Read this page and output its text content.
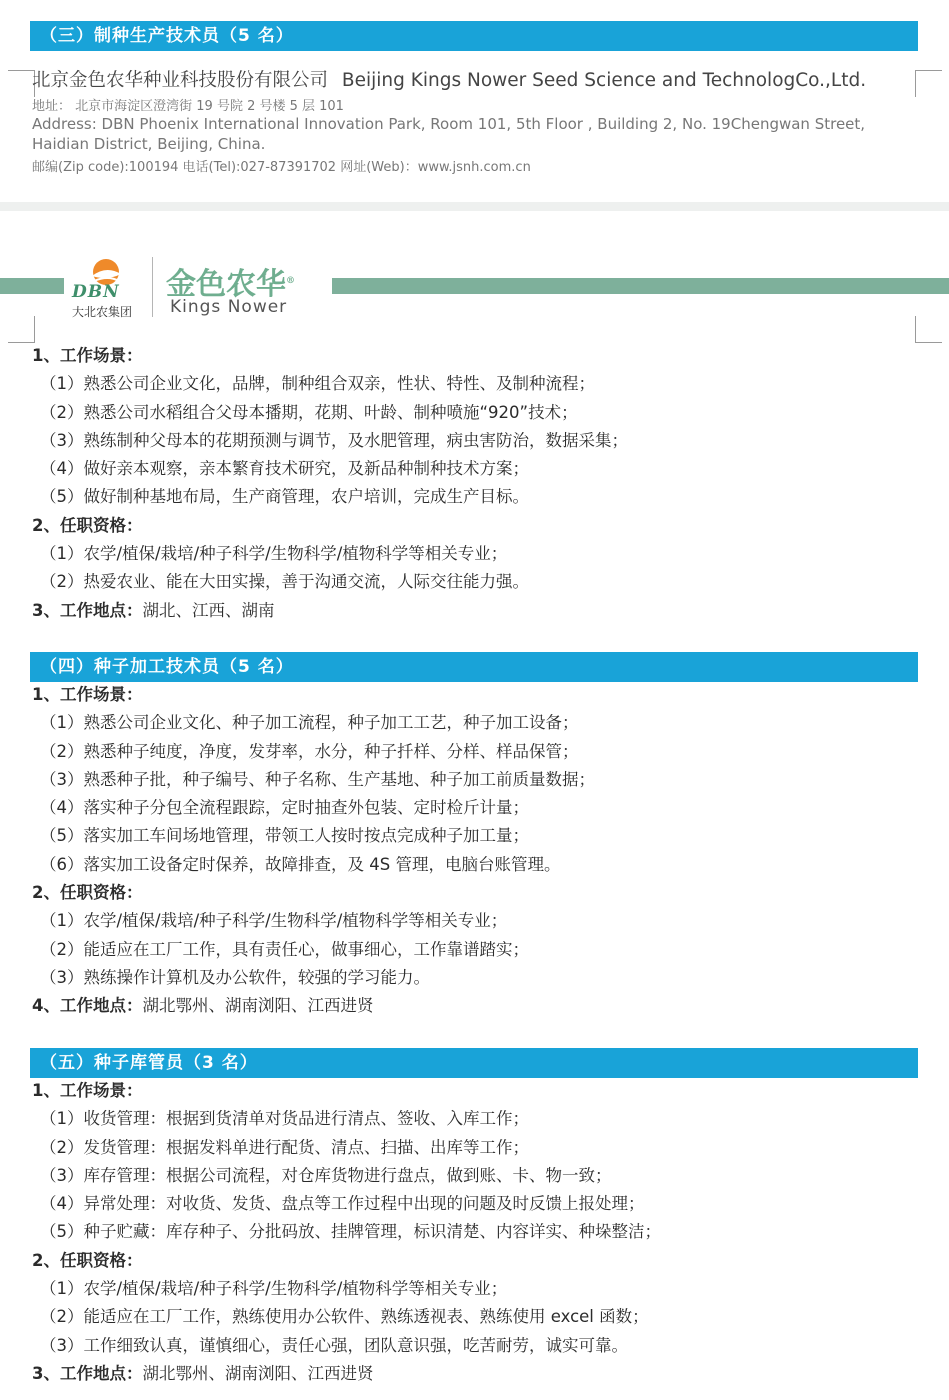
（三）制种生产技术员（5 名）
北京金色农华种业科技股份有限公司 Beijing Kings Nower Seed Science and TechnologCo.,Ltd.
地址： 北京市海淀区澄湾街 19 号院 2 号楼 5 层 101
Address: DBN Phoenix International Innovation Park, Room 101, 5th Floor , Building 2, No. 19Chengwan Street, Haidian District, Beijing, China.
邮编(Zip code):100194 电话(Tel):027-87391702 网址(Web)：www.jsnh.com.cn
DBN
大北农集团
金色农华®
Kings Nower
1、工作场景：
（1）熟悉公司企业文化，品牌，制种组合双亲，性状、特性、及制种流程；
（2）熟悉公司水稻组合父母本播期，花期、叶龄、制种喷施“920”技术；
（3）熟练制种父母本的花期预测与调节，及水肥管理，病虫害防治，数据采集；
（4）做好亲本观察，亲本繁育技术研究，及新品种制种技术方案；
（5）做好制种基地布局，生产商管理，农户培训，完成生产目标。
2、任职资格：
（1）农学/植保/栽培/种子科学/生物科学/植物科学等相关专业；
（2）热爱农业、能在大田实操，善于沟通交流，人际交往能力强。
3、工作地点：湖北、江西、湖南
（四）种子加工技术员（5 名）
1、工作场景：
（1）熟悉公司企业文化、种子加工流程，种子加工工艺，种子加工设备；
（2）熟悉种子纯度，净度，发芽率，水分，种子扦样、分样、样品保管；
（3）熟悉种子批，种子编号、种子名称、生产基地、种子加工前质量数据；
（4）落实种子分包全流程跟踪，定时抽查外包装、定时检斤计量；
（5）落实加工车间场地管理，带领工人按时按点完成种子加工量；
（6）落实加工设备定时保养，故障排查，及 4S 管理，电脑台账管理。
2、任职资格：
（1）农学/植保/栽培/种子科学/生物科学/植物科学等相关专业；
（2）能适应在工厂工作，具有责任心，做事细心，工作靠谱踏实；
（3）熟练操作计算机及办公软件，较强的学习能力。
4、工作地点：湖北鄂州、湖南浏阳、江西进贤
（五）种子库管员（3 名）
1、工作场景：
（1）收货管理：根据到货清单对货品进行清点、签收、入库工作；
（2）发货管理：根据发料单进行配货、清点、扫描、出库等工作；
（3）库存管理：根据公司流程，对仓库货物进行盘点，做到账、卡、物一致；
（4）异常处理：对收货、发货、盘点等工作过程中出现的问题及时反馈上报处理；
（5）种子贮藏：库存种子、分批码放、挂牌管理，标识清楚、内容详实、种垛整洁；
2、任职资格：
（1）农学/植保/栽培/种子科学/生物科学/植物科学等相关专业；
（2）能适应在工厂工作，熟练使用办公软件、熟练透视表、熟练使用 excel 函数；
（3）工作细致认真，谨慎细心，责任心强，团队意识强，吃苦耐劳，诚实可靠。
3、工作地点：湖北鄂州、湖南浏阳、江西进贤
